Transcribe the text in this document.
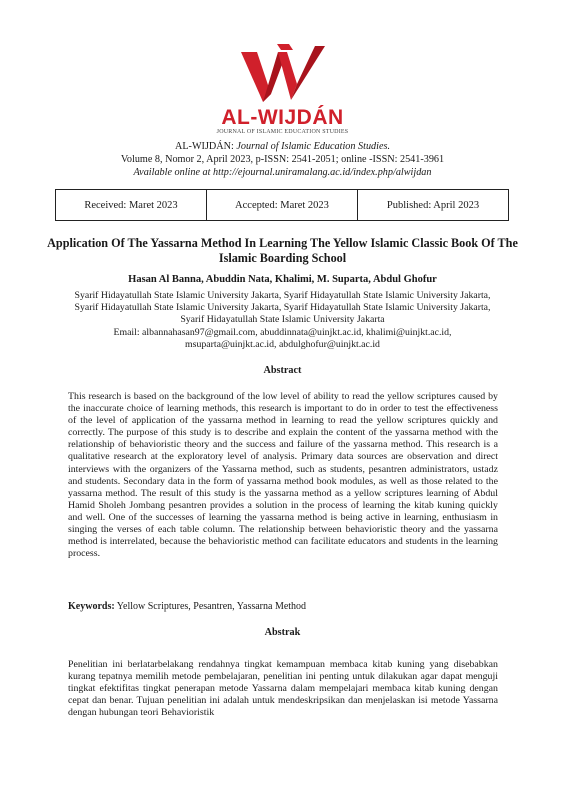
AL-WIJDÁN
JOURNAL OF ISLAMIC EDUCATION STUDIES
AL-WIJDÁN: Journal of Islamic Education Studies.
Volume 8, Nomor 2, April 2023, p-ISSN: 2541-2051; online -ISSN: 2541-3961
Available online at http://ejournal.uniramalang.ac.id/index.php/alwijdan
Received: Maret 2023	Accepted: Maret 2023	Published: April 2023
Application Of The Yassarna Method In Learning The Yellow Islamic Classic Book Of The Islamic Boarding School
Hasan Al Banna, Abuddin Nata, Khalimi, M. Suparta, Abdul Ghofur
Syarif Hidayatullah State Islamic University Jakarta, Syarif Hidayatullah State Islamic University Jakarta, Syarif Hidayatullah State Islamic University Jakarta, Syarif Hidayatullah State Islamic University Jakarta, Syarif Hidayatullah State Islamic University Jakarta
Email: albannahasan97@gmail.com, abuddinnata@uinjkt.ac.id, khalimi@uinjkt.ac.id, msuparta@uinjkt.ac.id, abdulghofur@uinjkt.ac.id
Abstract
This research is based on the background of the low level of ability to read the yellow scriptures caused by the inaccurate choice of learning methods, this research is important to do in order to test the effectiveness of the level of application of the yassarna method in learning to read the yellow scriptures quickly and correctly. The purpose of this study is to describe and explain the content of the yassarna method with the relationship of behavioristic theory and the success and failure of the yassarna method. This research is a qualitative research at the exploratory level of analysis. Primary data sources are observation and direct interviews with the organizers of the Yassarna method, such as students, pesantren administrators, ustadz and students. Secondary data in the form of yassarna method book modules, as well as those related to the yassarna method. The result of this study is the yassarna method as a yellow scriptures learning of Abdul Hamid Sholeh Jombang pesantren provides a solution in the process of learning the kitab kuning quickly and well. One of the successes of learning the yassarna method is being active in learning, enthusiasm in singing the verses of each table column. The relationship between behavioristic theory and the yassarna method is interrelated, because the behavioristic method can facilitate educators and students in the learning process.
Keywords: Yellow Scriptures, Pesantren, Yassarna Method
Abstrak
Penelitian ini berlatarbelakang rendahnya tingkat kemampuan membaca kitab kuning yang disebabkan kurang tepatnya memilih metode pembelajaran, penelitian ini penting untuk dilakukan agar dapat menguji tingkat efektifitas tingkat penerapan metode Yassarna dalam mempelajari membaca kitab kuning dengan cepat dan benar. Tujuan penelitian ini adalah untuk mendeskripsikan dan menjelaskan isi metode Yassarna dengan hubungan teori Behavioristik
